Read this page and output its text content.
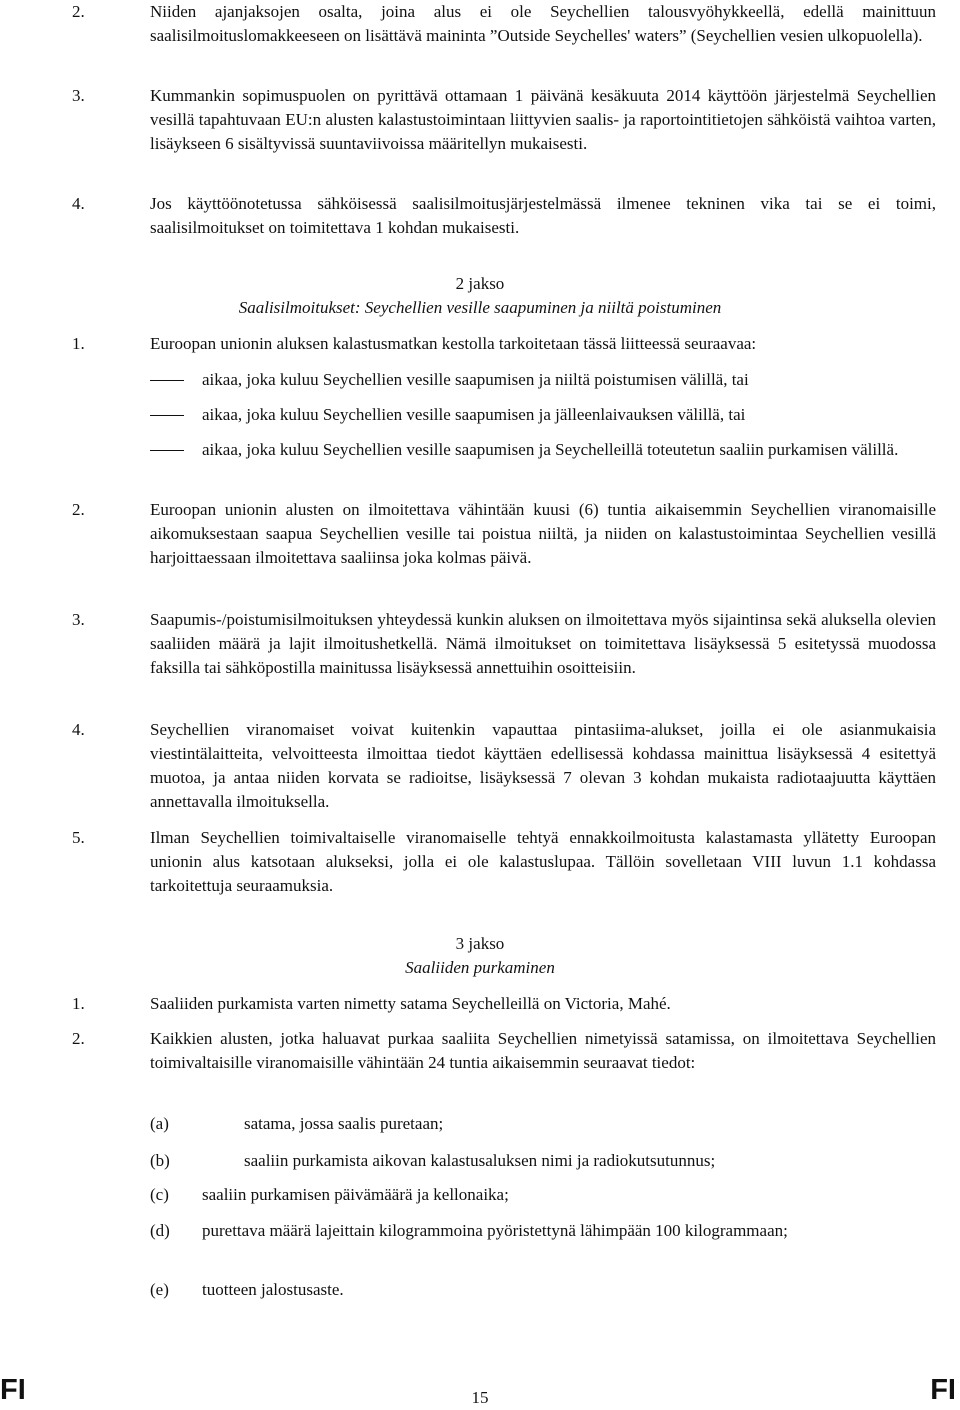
2.	Niiden ajanjaksojen osalta, joina alus ei ole Seychellien talousvyöhykkeellä, edellä mainittuun saalisilmoituslomakkeeseen on lisättävä maininta ”Outside Seychelles' waters” (Seychellien vesien ulkopuolella).
3.	Kummankin sopimuspuolen on pyrittävä ottamaan 1 päivänä kesäkuuta 2014 käyttöön järjestelmä Seychellien vesillä tapahtuvaan EU:n alusten kalastustoimintaan liittyvien saalis- ja raportointitietojen sähköistä vaihtoa varten, lisäykseen 6 sisältyvissä suuntaviivoissa määritellyn mukaisesti.
4.	Jos käyttöönotetussa sähköisessä saalisilmoitusjärjestelmässä ilmenee tekninen vika tai se ei toimi, saalisilmoitukset on toimitettava 1 kohdan mukaisesti.
2 jakso
Saalisilmoitukset: Seychellien vesille saapuminen ja niiltä poistuminen
1.	Euroopan unionin aluksen kalastusmatkan kestolla tarkoitetaan tässä liitteessä seuraavaa:
aikaa, joka kuluu Seychellien vesille saapumisen ja niiltä poistumisen välillä, tai
aikaa, joka kuluu Seychellien vesille saapumisen ja jälleenlaivauksen välillä, tai
aikaa, joka kuluu Seychellien vesille saapumisen ja Seychelleillä toteutetun saaliin purkamisen välillä.
2.	Euroopan unionin alusten on ilmoitettava vähintään kuusi (6) tuntia aikaisemmin Seychellien viranomaisille aikomuksestaan saapua Seychellien vesille tai poistua niiltä, ja niiden on kalastustoimintaa Seychellien vesillä harjoittaessaan ilmoitettava saaliinsa joka kolmas päivä.
3.	Saapumis-/poistumisilmoituksen yhteydessä kunkin aluksen on ilmoitettava myös sijaintinsa sekä aluksella olevien saaliiden määrä ja lajit ilmoitushetkellä. Nämä ilmoitukset on toimitettava lisäyksessä 5 esitetyssä muodossa faksilla tai sähköpostilla mainitussa lisäyksessä annettuihin osoitteisiin.
4.	Seychellien viranomaiset voivat kuitenkin vapauttaa pintasiima-alukset, joilla ei ole asianmukaisia viestintälaitteita, velvoitteesta ilmoittaa tiedot käyttäen edellisessä kohdassa mainittua lisäyksessä 4 esitettyä muotoa, ja antaa niiden korvata se radioitse, lisäyksessä 7 olevan 3 kohdan mukaista radiotaajuutta käyttäen annettavalla ilmoituksella.
5.	Ilman Seychellien toimivaltaiselle viranomaiselle tehtyä ennakkoilmoitusta kalastamasta yllätetty Euroopan unionin alus katsotaan alukseksi, jolla ei ole kalastuslupaa. Tällöin sovelletaan VIII luvun 1.1 kohdassa tarkoitettuja seuraamuksia.
3 jakso
Saaliiden purkaminen
1.	Saaliiden purkamista varten nimetty satama Seychelleillä on Victoria, Mahé.
2.	Kaikkien alusten, jotka haluavat purkaa saaliita Seychellien nimetyissä satamissa, on ilmoitettava Seychellien toimivaltaisille viranomaisille vähintään 24 tuntia aikaisemmin seuraavat tiedot:
(a)	satama, jossa saalis puretaan;
(b)	saaliin purkamista aikovan kalastusaluksen nimi ja radiokutsutunnus;
(c) saaliin purkamisen päivämäärä ja kellonaika;
(d) purettava määrä lajeittain kilogrammoina pyöristettynä lähimpään 100 kilogrammaan;
(e) tuotteen jalostusaste.
FI	15	FI
